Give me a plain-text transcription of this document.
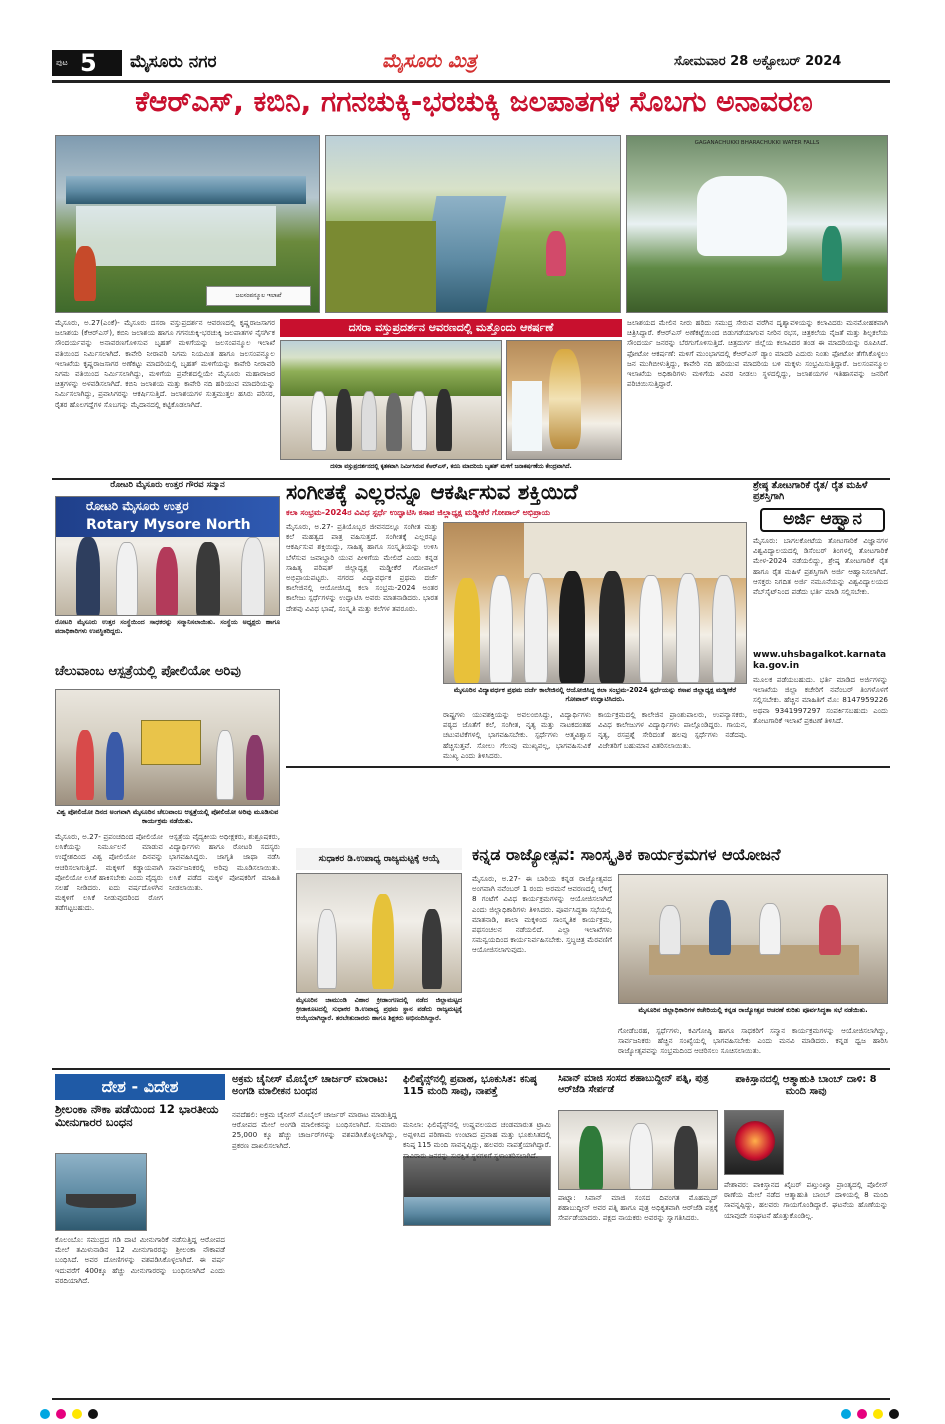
ಪುಟ 5 ಮೈಸೂರು ನಗರ	ಮೈಸೂರು ಮಿತ್ರ	ಸೋಮವಾರ 28 ಅಕ್ಟೋಬರ್ 2024
ಕೆಆರ್‌ಎಸ್, ಕಬಿನಿ, ಗಗನಚುಕ್ಕಿ-ಭರಚುಕ್ಕಿ ಜಲಪಾತಗಳ ಸೊಬಗು ಅನಾವರಣ
ಜಲಸಂಪನ್ಮೂಲ ಇಲಾಖೆ
GAGANACHUKKI BHARACHUKKI WATER FALLS
ಮೈಸೂರು, ಅ.27(ಎಂಕೆ)- ಮೈಸೂರು ದಸರಾ ವಸ್ತುಪ್ರದರ್ಶನ ಆವರಣದಲ್ಲಿ ಕೃಷ್ಣರಾಜಸಾಗರ ಜಲಾಶಯ (ಕೆಆರ್‌ಎಸ್), ಕಬಿನಿ ಜಲಾಶಯ ಹಾಗೂ ಗಗನಚುಕ್ಕಿ-ಭರಚುಕ್ಕಿ ಜಲಪಾತಗಳ ನೈಸರ್ಗಿಕ ಸೌಂದರ್ಯವನ್ನು ಅನಾವರಣಗೊಳಿಸುವ ಬೃಹತ್ ಮಳಿಗೆಯನ್ನು ಜಲಸಂಪನ್ಮೂಲ ಇಲಾಖೆ ವತಿಯಿಂದ ನಿರ್ಮಿಸಲಾಗಿದೆ. ಕಾವೇರಿ ನೀರಾವರಿ ನಿಗಮ ನಿಯಮಿತ ಹಾಗೂ ಜಲಸಂಪನ್ಮೂಲ ಇಲಾಖೆಯ ಕೃಷ್ಣರಾಜಸಾಗರ ಅಣೆಕಟ್ಟು ಮಾದರಿಯಲ್ಲಿ ಬೃಹತ್ ಮಳಿಗೆಯನ್ನು ಕಾವೇರಿ ನೀರಾವರಿ ನಿಗಮ ವತಿಯಿಂದ ನಿರ್ಮಿಸಲಾಗಿದ್ದು, ಮಳಿಗೆಯ ಪ್ರವೇಶದಲ್ಲಿಯೇ ಮೈಸೂರು ಮಹಾರಾಜರ ಚಿತ್ರಗಳನ್ನು ಅಳವಡಿಸಲಾಗಿದೆ. ಕಬಿನಿ ಜಲಾಶಯ ಮತ್ತು ಕಾವೇರಿ ನದಿ ಹರಿಯುವ ಮಾದರಿಯನ್ನು ನಿರ್ಮಿಸಲಾಗಿದ್ದು, ಪ್ರವಾಸಿಗರನ್ನು ಆಕರ್ಷಿಸುತ್ತಿದೆ. ಜಲಾಶಯಗಳ ಸುತ್ತಮುತ್ತಲ ಹಸಿರು ಪರಿಸರ, ರೈತರ ಹೊಲಗದ್ದೆಗಳ ಸೊಬಗನ್ನು ಮೈದಾನದಲ್ಲಿ ಕಟ್ಟಿಕೊಡಲಾಗಿದೆ.
ದಸರಾ ವಸ್ತುಪ್ರದರ್ಶನ ಆವರಣದಲ್ಲಿ ಮತ್ತೊಂದು ಆಕರ್ಷಣೆ
ದಸರಾ ವಸ್ತುಪ್ರದರ್ಶನದಲ್ಲಿ ಕೃತಕವಾಗಿ ನಿರ್ಮಿಸಿರುವ ಕೆಆರ್‌ಎಸ್, ಕಬಿನಿ ಮಾದರಿಯ ಬೃಹತ್ ಮಳಿಗೆ ಜನಾಕರ್ಷಣೆಯ ಕೇಂದ್ರವಾಗಿದೆ.
ಜಲಾಶಯದ ಮೇಲಿನ ನೀರು ಹರಿದು ಸಮುದ್ರ ಸೇರುವ ವರೆಗಿನ ದೃಶ್ಯಾವಳಿಯನ್ನು ಕಲಾವಿದರು ಮನಮೋಹಕವಾಗಿ ಚಿತ್ರಿಸಿದ್ದಾರೆ. ಕೆಆರ್‌ಎಸ್ ಅಣೆಕಟ್ಟೆಯಿಂದ ಬಿಡುಗಡೆಯಾಗುವ ನೀರಿನ ರಭಸ, ಚಿತ್ರಕಲೆಯ ನೈಜತೆ ಮತ್ತು ಶಿಲ್ಪಕಲೆಯ ಸೌಂದರ್ಯ ಜನರನ್ನು ಬೆರಗುಗೊಳಿಸುತ್ತಿದೆ. ಚಿತ್ರದುರ್ಗ ಜಿಲ್ಲೆಯ ಕಲಾವಿದರ ತಂಡ ಈ ಮಾದರಿಯನ್ನು ರೂಪಿಸಿದೆ. ಫೋಟೋ ಆಕರ್ಷಣೆ: ಮಳಿಗೆ ಮುಂಭಾಗದಲ್ಲಿ ಕೆಆರ್‌ಎಸ್ ಡ್ಯಾಂ ಮಾದರಿ ಎದುರು ನಿಂತು ಫೋಟೋ ತೆಗೆಸಿಕೊಳ್ಳಲು ಜನ ಮುಗಿಬೀಳುತ್ತಿದ್ದು, ಕಾವೇರಿ ನದಿ ಹರಿಯುವ ಮಾದರಿಯ ಬಳಿ ಮಕ್ಕಳು ಸಂಭ್ರಮಿಸುತ್ತಿದ್ದಾರೆ. ಜಲಸಂಪನ್ಮೂಲ ಇಲಾಖೆಯ ಅಧಿಕಾರಿಗಳು ಮಳಿಗೆಯ ವಿವರ ನೀಡಲು ಸ್ಥಳದಲ್ಲಿದ್ದು, ಜಲಾಶಯಗಳ ಇತಿಹಾಸವನ್ನು ಜನರಿಗೆ ಪರಿಚಯಿಸುತ್ತಿದ್ದಾರೆ.
ರೋಟರಿ ಮೈಸೂರು ಉತ್ತರ ಗೌರವ ಸನ್ಮಾನ
ರೋಟರಿ ಮೈಸೂರು ಉತ್ತರ
Rotary Mysore North
ರೋಟರಿ ಮೈಸೂರು ಉತ್ತರ ಸಂಸ್ಥೆಯಿಂದ ಸಾಧಕರನ್ನು ಸನ್ಮಾನಿಸಲಾಯಿತು. ಸಂಸ್ಥೆಯ ಅಧ್ಯಕ್ಷರು ಹಾಗೂ ಪದಾಧಿಕಾರಿಗಳು ಉಪಸ್ಥಿತರಿದ್ದರು.
ಚೆಲುವಾಂಬ ಆಸ್ಪತ್ರೆಯಲ್ಲಿ ಪೋಲಿಯೋ ಅರಿವು
ವಿಶ್ವ ಪೋಲಿಯೋ ದಿನದ ಅಂಗವಾಗಿ ಮೈಸೂರಿನ ಚೆಲುವಾಂಬ ಆಸ್ಪತ್ರೆಯಲ್ಲಿ ಪೋಲಿಯೋ ಅರಿವು ಮೂಡಿಸುವ ಕಾರ್ಯಕ್ರಮ ನಡೆಯಿತು.
ಮೈಸೂರು, ಅ.27- ಪ್ರಪಂಚದಿಂದ ಪೋಲಿಯೋ ಲಸಿಕೆಯನ್ನು ನಿರ್ಮೂಲನೆ ಮಾಡುವ ಉದ್ದೇಶದಿಂದ ವಿಶ್ವ ಪೋಲಿಯೋ ದಿನವನ್ನು ಆಚರಿಸಲಾಗುತ್ತಿದೆ. ಮಕ್ಕಳಿಗೆ ಕಡ್ಡಾಯವಾಗಿ ಪೋಲಿಯೋ ಲಸಿಕೆ ಹಾಕಿಸಬೇಕು ಎಂದು ವೈದ್ಯರು ಸಲಹೆ ನೀಡಿದರು. ಐದು ವರ್ಷದೊಳಗಿನ ಮಕ್ಕಳಿಗೆ ಲಸಿಕೆ ನೀಡುವುದರಿಂದ ರೋಗ ತಡೆಗಟ್ಟಬಹುದು.
ಆಸ್ಪತ್ರೆಯ ವೈದ್ಯಕೀಯ ಅಧೀಕ್ಷಕರು, ಶುಶ್ರೂಷಕರು, ವಿದ್ಯಾರ್ಥಿಗಳು ಹಾಗೂ ರೋಟರಿ ಸದಸ್ಯರು ಭಾಗವಹಿಸಿದ್ದರು. ಜಾಗೃತಿ ಜಾಥಾ ನಡೆಸಿ ಸಾರ್ವಜನಿಕರಲ್ಲಿ ಅರಿವು ಮೂಡಿಸಲಾಯಿತು. ಲಸಿಕೆ ಪಡೆದ ಮಕ್ಕಳ ಪೋಷಕರಿಗೆ ಮಾಹಿತಿ ನೀಡಲಾಯಿತು.
ಸಂಗೀತಕ್ಕೆ ಎಲ್ಲರನ್ನೂ ಆಕರ್ಷಿಸುವ ಶಕ್ತಿಯಿದೆ
ಕಲಾ ಸಂಭ್ರಮ-2024ರ ವಿವಿಧ ಸ್ಪರ್ಧೆ ಉದ್ಘಾಟಿಸಿ ಕಸಾಪ ಜಿಲ್ಲಾಧ್ಯಕ್ಷ ಮಡ್ಡೀಕೆರೆ ಗೋಪಾಲ್ ಅಭಿಪ್ರಾಯ
ಮೈಸೂರು, ಅ.27- ಪ್ರತಿಯೊಬ್ಬರ ಜೀವನದಲ್ಲೂ ಸಂಗೀತ ಮತ್ತು ಕಲೆ ಮಹತ್ವದ ಪಾತ್ರ ವಹಿಸುತ್ತದೆ. ಸಂಗೀತಕ್ಕೆ ಎಲ್ಲರನ್ನೂ ಆಕರ್ಷಿಸುವ ಶಕ್ತಿಯಿದ್ದು, ಸಾಹಿತ್ಯ ಹಾಗೂ ಸಂಸ್ಕೃತಿಯನ್ನು ಉಳಿಸಿ ಬೆಳೆಸುವ ಜವಾಬ್ದಾರಿ ಯುವ ಪೀಳಿಗೆಯ ಮೇಲಿದೆ ಎಂದು ಕನ್ನಡ ಸಾಹಿತ್ಯ ಪರಿಷತ್ ಜಿಲ್ಲಾಧ್ಯಕ್ಷ ಮಡ್ಡೀಕೆರೆ ಗೋಪಾಲ್ ಅಭಿಪ್ರಾಯಪಟ್ಟರು. ನಗರದ ವಿದ್ಯಾವರ್ಧಕ ಪ್ರಥಮ ದರ್ಜೆ ಕಾಲೇಜಿನಲ್ಲಿ ಆಯೋಜಿಸಿದ್ದ ಕಲಾ ಸಂಭ್ರಮ-2024 ಅಂತರ ಕಾಲೇಜು ಸ್ಪರ್ಧೆಗಳನ್ನು ಉದ್ಘಾಟಿಸಿ ಅವರು ಮಾತನಾಡಿದರು. ಭಾರತ ದೇಶವು ವಿವಿಧ ಭಾಷೆ, ಸಂಸ್ಕೃತಿ ಮತ್ತು ಕಲೆಗಳ ತವರೂರು.
ಮೈಸೂರಿನ ವಿದ್ಯಾವರ್ಧಕ ಪ್ರಥಮ ದರ್ಜೆ ಕಾಲೇಜಿನಲ್ಲಿ ಆಯೋಜಿಸಿದ್ದ ಕಲಾ ಸಂಭ್ರಮ-2024 ಸ್ಪರ್ಧೆಯನ್ನು ಕಸಾಪ ಜಿಲ್ಲಾಧ್ಯಕ್ಷ ಮಡ್ಡೀಕೆರೆ ಗೋಪಾಲ್ ಉದ್ಘಾಟಿಸಿದರು.
ರಾಷ್ಟ್ರಗಳು ಯುವಶಕ್ತಿಯನ್ನು ಅವಲಂಬಿಸಿದ್ದು, ವಿದ್ಯಾರ್ಥಿಗಳು ಪಠ್ಯದ ಜೊತೆಗೆ ಕಲೆ, ಸಂಗೀತ, ನೃತ್ಯ ಮತ್ತು ನಾಟಕದಂತಹ ಚಟುವಟಿಕೆಗಳಲ್ಲಿ ಭಾಗವಹಿಸಬೇಕು. ಸ್ಪರ್ಧೆಗಳು ಆತ್ಮವಿಶ್ವಾಸ ಹೆಚ್ಚಿಸುತ್ತವೆ. ಸೋಲು ಗೆಲುವು ಮುಖ್ಯವಲ್ಲ, ಭಾಗವಹಿಸುವಿಕೆ ಮುಖ್ಯ ಎಂದು ತಿಳಿಸಿದರು.
ಕಾರ್ಯಕ್ರಮದಲ್ಲಿ ಕಾಲೇಜಿನ ಪ್ರಾಂಶುಪಾಲರು, ಉಪನ್ಯಾಸಕರು, ವಿವಿಧ ಕಾಲೇಜುಗಳ ವಿದ್ಯಾರ್ಥಿಗಳು ಪಾಲ್ಗೊಂಡಿದ್ದರು. ಗಾಯನ, ನೃತ್ಯ, ರಸಪ್ರಶ್ನೆ ಸೇರಿದಂತೆ ಹಲವು ಸ್ಪರ್ಧೆಗಳು ನಡೆದವು. ವಿಜೇತರಿಗೆ ಬಹುಮಾನ ವಿತರಿಸಲಾಯಿತು.
ಶ್ರೇಷ್ಠ ತೋಟಗಾರಿಕೆ ರೈತ/ ರೈತ ಮಹಿಳೆ ಪ್ರಶಸ್ತಿಗಾಗಿ
ಅರ್ಜಿ ಆಹ್ವಾನ
ಮೈಸೂರು: ಬಾಗಲಕೋಟೆಯ ತೋಟಗಾರಿಕೆ ವಿಜ್ಞಾನಗಳ ವಿಶ್ವವಿದ್ಯಾಲಯದಲ್ಲಿ ಡಿಸೆಂಬರ್ ತಿಂಗಳಲ್ಲಿ ತೋಟಗಾರಿಕೆ ಮೇಳ-2024 ನಡೆಯಲಿದ್ದು, ಶ್ರೇಷ್ಠ ತೋಟಗಾರಿಕೆ ರೈತ ಹಾಗೂ ರೈತ ಮಹಿಳೆ ಪ್ರಶಸ್ತಿಗಾಗಿ ಅರ್ಜಿ ಆಹ್ವಾನಿಸಲಾಗಿದೆ. ಆಸಕ್ತರು ನಿಗದಿತ ಅರ್ಜಿ ನಮೂನೆಯನ್ನು ವಿಶ್ವವಿದ್ಯಾಲಯದ ವೆಬ್‌ಸೈಟ್‌ನಿಂದ ಪಡೆದು ಭರ್ತಿ ಮಾಡಿ ಸಲ್ಲಿಸಬೇಕು.
www.uhsbagalkot.karnataka.gov.in
ಮೂಲಕ ಪಡೆಯಬಹುದು. ಭರ್ತಿ ಮಾಡಿದ ಅರ್ಜಿಗಳನ್ನು ಇಲಾಖೆಯ ಜಿಲ್ಲಾ ಕಚೇರಿಗೆ ನವೆಂಬರ್ ತಿಂಗಳೊಳಗೆ ಸಲ್ಲಿಸಬೇಕು. ಹೆಚ್ಚಿನ ಮಾಹಿತಿಗೆ ಮೊ: 8147959226 ಅಥವಾ 9341997297 ಸಂಪರ್ಕಿಸಬಹುದು ಎಂದು ತೋಟಗಾರಿಕೆ ಇಲಾಖೆ ಪ್ರಕಟಣೆ ತಿಳಿಸಿದೆ.
ಸುಧಾಕರ ಡಿ.ಉಪಾಧ್ಯ ರಾಜ್ಯಮಟ್ಟಕ್ಕೆ ಆಯ್ಕೆ
ಮೈಸೂರಿನ ಜಾಮುಂಡಿ ವಿಹಾರ ಕ್ರೀಡಾಂಗಣದಲ್ಲಿ ನಡೆದ ಜಿಲ್ಲಾಮಟ್ಟದ ಕ್ರೀಡಾಕೂಟದಲ್ಲಿ ಸುಧಾಕರ ಡಿ.ಉಪಾಧ್ಯ ಪ್ರಥಮ ಸ್ಥಾನ ಪಡೆದು ರಾಜ್ಯಮಟ್ಟಕ್ಕೆ ಆಯ್ಕೆಯಾಗಿದ್ದಾರೆ. ತರಬೇತುದಾರರು ಹಾಗೂ ಶಿಕ್ಷಕರು ಅಭಿನಂದಿಸಿದ್ದಾರೆ.
ಕನ್ನಡ ರಾಜ್ಯೋತ್ಸವ: ಸಾಂಸ್ಕೃತಿಕ ಕಾರ್ಯಕ್ರಮಗಳ ಆಯೋಜನೆ
ಮೈಸೂರು, ಅ.27- ಈ ಬಾರಿಯ ಕನ್ನಡ ರಾಜ್ಯೋತ್ಸವದ ಅಂಗವಾಗಿ ನವೆಂಬರ್ 1 ರಂದು ಅರಮನೆ ಆವರಣದಲ್ಲಿ ಬೆಳಿಗ್ಗೆ 8 ಗಂಟೆಗೆ ವಿವಿಧ ಕಾರ್ಯಕ್ರಮಗಳನ್ನು ಆಯೋಜಿಸಲಾಗಿದೆ ಎಂದು ಜಿಲ್ಲಾಧಿಕಾರಿಗಳು ತಿಳಿಸಿದರು. ಪೂರ್ವಸಿದ್ಧತಾ ಸಭೆಯಲ್ಲಿ ಮಾತನಾಡಿ, ಶಾಲಾ ಮಕ್ಕಳಿಂದ ಸಾಂಸ್ಕೃತಿಕ ಕಾರ್ಯಕ್ರಮ, ಪಥಸಂಚಲನ ನಡೆಯಲಿದೆ. ಎಲ್ಲಾ ಇಲಾಖೆಗಳು ಸಮನ್ವಯದಿಂದ ಕಾರ್ಯನಿರ್ವಹಿಸಬೇಕು. ಸ್ತಬ್ಧಚಿತ್ರ ಮೆರವಣಿಗೆ ಆಯೋಜಿಸಲಾಗುವುದು.
ಮೈಸೂರಿನ ಜಿಲ್ಲಾಧಿಕಾರಿಗಳ ಕಚೇರಿಯಲ್ಲಿ ಕನ್ನಡ ರಾಜ್ಯೋತ್ಸವ ಆಚರಣೆ ಕುರಿತು ಪೂರ್ವಸಿದ್ಧತಾ ಸಭೆ ನಡೆಯಿತು.
ಗೋಡೆಬರಹ, ಸ್ಪರ್ಧೆಗಳು, ಕವಿಗೋಷ್ಠಿ ಹಾಗೂ ಸಾಧಕರಿಗೆ ಸನ್ಮಾನ ಕಾರ್ಯಕ್ರಮಗಳನ್ನು ಆಯೋಜಿಸಲಾಗಿದ್ದು, ಸಾರ್ವಜನಿಕರು ಹೆಚ್ಚಿನ ಸಂಖ್ಯೆಯಲ್ಲಿ ಭಾಗವಹಿಸಬೇಕು ಎಂದು ಮನವಿ ಮಾಡಿದರು. ಕನ್ನಡ ಧ್ವಜ ಹಾರಿಸಿ ರಾಜ್ಯೋತ್ಸವವನ್ನು ಸಂಭ್ರಮದಿಂದ ಆಚರಿಸಲು ಸೂಚಿಸಲಾಯಿತು.
ದೇಶ - ವಿದೇಶ
ಶ್ರೀಲಂಕಾ ನೌಕಾ ಪಡೆಯಿಂದ 12 ಭಾರತೀಯ ಮೀನುಗಾರರ ಬಂಧನ
ಕೊಲಂಬೊ: ಸಮುದ್ರದ ಗಡಿ ದಾಟಿ ಮೀನುಗಾರಿಕೆ ನಡೆಸುತ್ತಿದ್ದ ಆರೋಪದ ಮೇಲೆ ತಮಿಳುನಾಡಿನ 12 ಮೀನುಗಾರರನ್ನು ಶ್ರೀಲಂಕಾ ನೌಕಾಪಡೆ ಬಂಧಿಸಿದೆ. ಅವರ ದೋಣಿಗಳನ್ನು ವಶಪಡಿಸಿಕೊಳ್ಳಲಾಗಿದೆ. ಈ ವರ್ಷ ಇದುವರೆಗೆ 400ಕ್ಕೂ ಹೆಚ್ಚು ಮೀನುಗಾರರನ್ನು ಬಂಧಿಸಲಾಗಿದೆ ಎಂದು ವರದಿಯಾಗಿದೆ.
ಅಕ್ರಮ ಚೈನೀಸ್ ಮೊಬೈಲ್ ಚಾರ್ಜರ್ ಮಾರಾಟ: ಅಂಗಡಿ ಮಾಲೀಕನ ಬಂಧನ
ನವದೆಹಲಿ: ಅಕ್ರಮ ಚೈನೀಸ್ ಮೊಬೈಲ್ ಚಾರ್ಜರ್ ಮಾರಾಟ ಮಾಡುತ್ತಿದ್ದ ಆರೋಪದ ಮೇಲೆ ಅಂಗಡಿ ಮಾಲೀಕನನ್ನು ಬಂಧಿಸಲಾಗಿದೆ. ಸುಮಾರು 25,000 ಕ್ಕೂ ಹೆಚ್ಚು ಚಾರ್ಜರ್‌ಗಳನ್ನು ವಶಪಡಿಸಿಕೊಳ್ಳಲಾಗಿದ್ದು, ಪ್ರಕರಣ ದಾಖಲಿಸಲಾಗಿದೆ.
ಫಿಲಿಪೈನ್ಸ್‌ನಲ್ಲಿ ಪ್ರವಾಹ, ಭೂಕುಸಿತ: ಕನಿಷ್ಠ 115 ಮಂದಿ ಸಾವು, ನಾಪತ್ತೆ
ಮನಿಲಾ: ಫಿಲಿಪೈನ್ಸ್‌ನಲ್ಲಿ ಉಷ್ಣವಲಯದ ಚಂಡಮಾರುತ ಟ್ರಾಮಿ ಅಪ್ಪಳಿಸಿದ ಪರಿಣಾಮ ಉಂಟಾದ ಪ್ರವಾಹ ಮತ್ತು ಭೂಕುಸಿತದಲ್ಲಿ ಕನಿಷ್ಠ 115 ಮಂದಿ ಸಾವನ್ನಪ್ಪಿದ್ದು, ಹಲವರು ನಾಪತ್ತೆಯಾಗಿದ್ದಾರೆ. ಸಾವಿರಾರು ಜನರನ್ನು ಸುರಕ್ಷಿತ ಸ್ಥಳಗಳಿಗೆ ಸ್ಥಳಾಂತರಿಸಲಾಗಿದೆ.
ಸಿವಾನ್ ಮಾಜಿ ಸಂಸದ ಶಹಾಬುದ್ದೀನ್ ಪತ್ನಿ, ಪುತ್ರ ಆರ್‌ಜೆಡಿ ಸೇರ್ಪಡೆ
ಪಾಟ್ನಾ: ಸಿವಾನ್ ಮಾಜಿ ಸಂಸದ ದಿವಂಗತ ಮೊಹಮ್ಮದ್ ಶಹಾಬುದ್ದೀನ್ ಅವರ ಪತ್ನಿ ಹಾಗೂ ಪುತ್ರ ಅಧಿಕೃತವಾಗಿ ಆರ್‌ಜೆಡಿ ಪಕ್ಷಕ್ಕೆ ಸೇರ್ಪಡೆಯಾದರು. ಪಕ್ಷದ ನಾಯಕರು ಅವರನ್ನು ಸ್ವಾಗತಿಸಿದರು.
ಪಾಕಿಸ್ತಾನದಲ್ಲಿ ಆತ್ಮಾಹುತಿ ಬಾಂಬ್ ದಾಳಿ: 8 ಮಂದಿ ಸಾವು
ಪೇಶಾವರ: ಪಾಕಿಸ್ತಾನದ ಖೈಬರ್ ಪಖ್ತುಂಖ್ವಾ ಪ್ರಾಂತ್ಯದಲ್ಲಿ ಪೊಲೀಸ್ ಠಾಣೆಯ ಮೇಲೆ ನಡೆದ ಆತ್ಮಾಹುತಿ ಬಾಂಬ್ ದಾಳಿಯಲ್ಲಿ 8 ಮಂದಿ ಸಾವನ್ನಪ್ಪಿದ್ದು, ಹಲವರು ಗಾಯಗೊಂಡಿದ್ದಾರೆ. ಘಟನೆಯ ಹೊಣೆಯನ್ನು ಯಾವುದೇ ಸಂಘಟನೆ ಹೊತ್ತುಕೊಂಡಿಲ್ಲ.
